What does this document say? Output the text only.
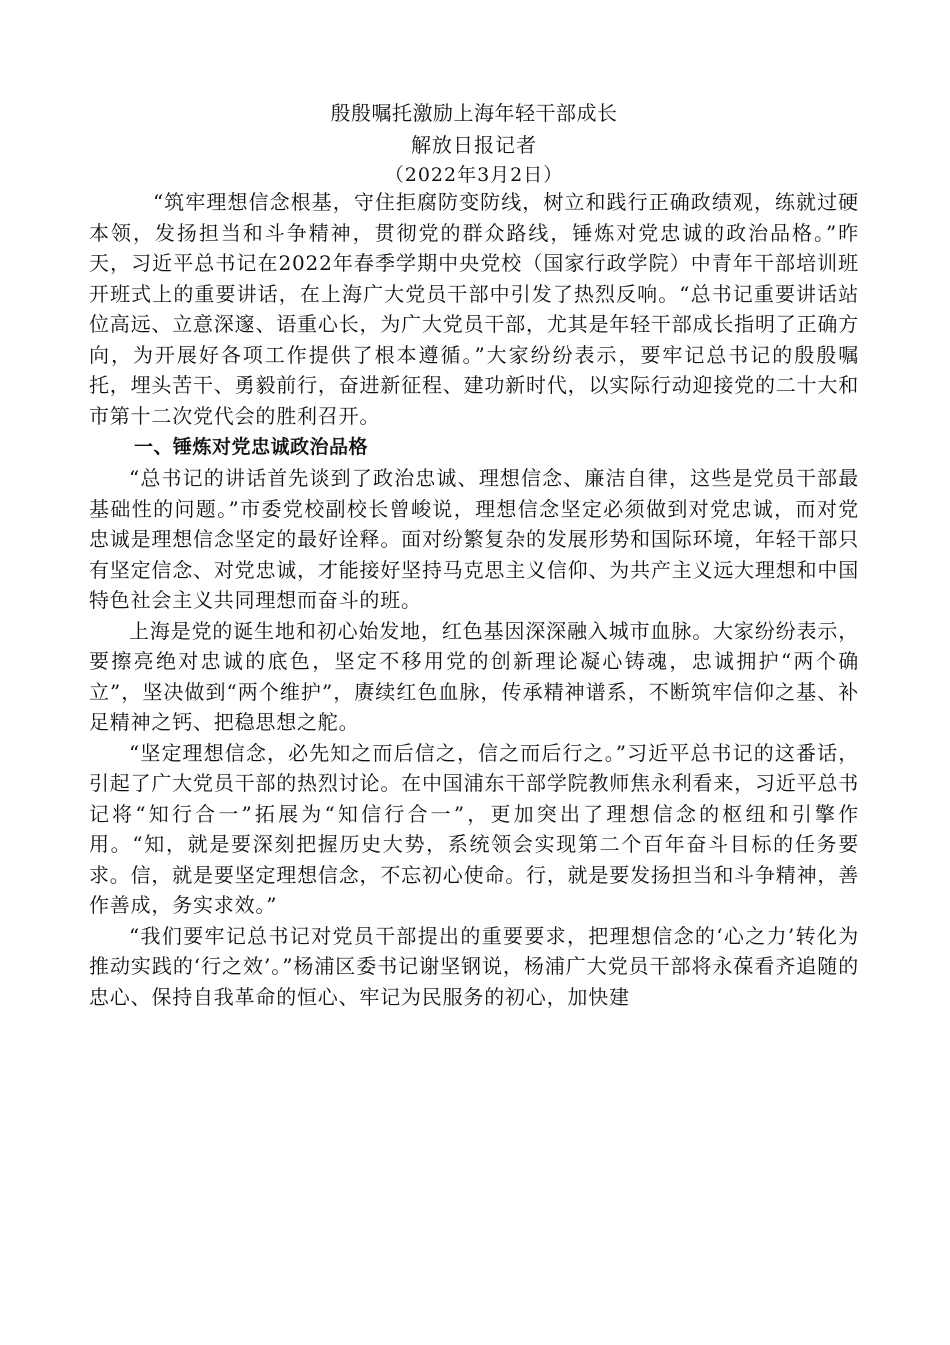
殷殷嘱托激励上海年轻干部成长
解放日报记者
（2022年3月2日）

“筑牢理想信念根基，守住拒腐防变防线，树立和践行正确政绩观，练就过硬本领，发扬担当和斗争精神，贯彻党的群众路线，锤炼对党忠诚的政治品格。”昨天，习近平总书记在2022年春季学期中央党校（国家行政学院）中青年干部培训班开班式上的重要讲话，在上海广大党员干部中引发了热烈反响。“总书记重要讲话站位高远、立意深邃、语重心长，为广大党员干部，尤其是年轻干部成长指明了正确方向，为开展好各项工作提供了根本遵循。”大家纷纷表示，要牢记总书记的殷殷嘱托，埋头苦干、勇毅前行，奋进新征程、建功新时代，以实际行动迎接党的二十大和市第十二次党代会的胜利召开。

一、锤炼对党忠诚政治品格

“总书记的讲话首先谈到了政治忠诚、理想信念、廉洁自律，这些是党员干部最基础性的问题。”市委党校副校长曾峻说，理想信念坚定必须做到对党忠诚，而对党忠诚是理想信念坚定的最好诠释。面对纷繁复杂的发展形势和国际环境，年轻干部只有坚定信念、对党忠诚，才能接好坚持马克思主义信仰、为共产主义远大理想和中国特色社会主义共同理想而奋斗的班。

上海是党的诞生地和初心始发地，红色基因深深融入城市血脉。大家纷纷表示，要擦亮绝对忠诚的底色，坚定不移用党的创新理论凝心铸魂，忠诚拥护“两个确立”，坚决做到“两个维护”，赓续红色血脉，传承精神谱系，不断筑牢信仰之基、补足精神之钙、把稳思想之舵。

“坚定理想信念，必先知之而后信之，信之而后行之。”习近平总书记的这番话，引起了广大党员干部的热烈讨论。在中国浦东干部学院教师焦永利看来，习近平总书记将“知行合一”拓展为“知信行合一”，更加突出了理想信念的枢纽和引擎作用。“知，就是要深刻把握历史大势，系统领会实现第二个百年奋斗目标的任务要求。信，就是要坚定理想信念，不忘初心使命。行，就是要发扬担当和斗争精神，善作善成，务实求效。”

“我们要牢记总书记对党员干部提出的重要要求，把理想信念的‘心之力’转化为推动实践的‘行之效’。”杨浦区委书记谢坚钢说，杨浦广大党员干部将永葆看齐追随的忠心、保持自我革命的恒心、牢记为民服务的初心，加快建
